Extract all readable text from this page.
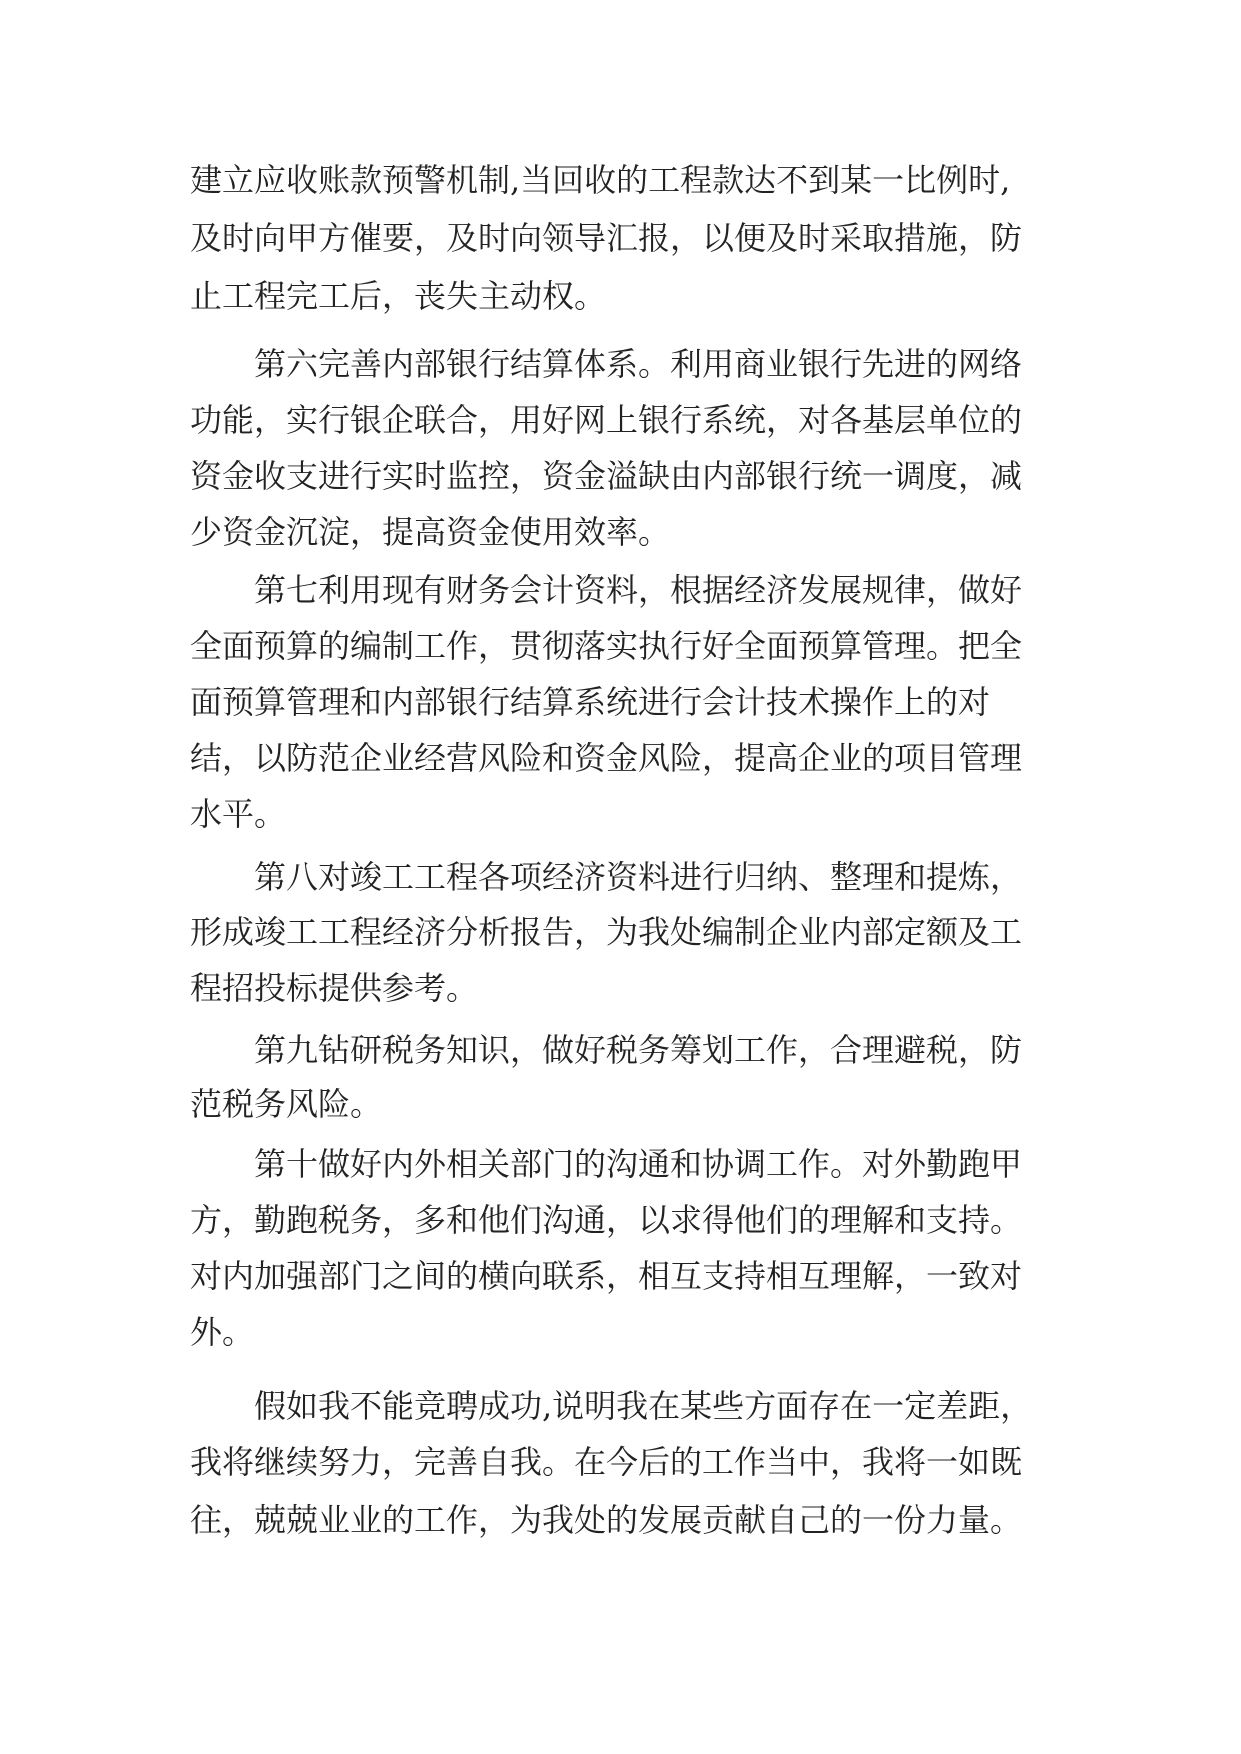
建立应收账款预警机制,当回收的工程款达不到某一比例时,
及时向甲方催要，及时向领导汇报，以便及时采取措施，防
止工程完工后，丧失主动权。
第六完善内部银行结算体系。利用商业银行先进的网络
功能，实行银企联合，用好网上银行系统，对各基层单位的
资金收支进行实时监控，资金溢缺由内部银行统一调度，减
少资金沉淀，提高资金使用效率。
第七利用现有财务会计资料，根据经济发展规律，做好
全面预算的编制工作，贯彻落实执行好全面预算管理。把全
面预算管理和内部银行结算系统进行会计技术操作上的对
结，以防范企业经营风险和资金风险，提高企业的项目管理
水平。
第八对竣工工程各项经济资料进行归纳、整理和提炼，
形成竣工工程经济分析报告，为我处编制企业内部定额及工
程招投标提供参考。
第九钻研税务知识，做好税务筹划工作，合理避税，防
范税务风险。
第十做好内外相关部门的沟通和协调工作。对外勤跑甲
方，勤跑税务，多和他们沟通，以求得他们的理解和支持。
对内加强部门之间的横向联系，相互支持相互理解，一致对
外。
假如我不能竞聘成功,说明我在某些方面存在一定差距，
我将继续努力，完善自我。在今后的工作当中，我将一如既
往，兢兢业业的工作，为我处的发展贡献自己的一份力量。
